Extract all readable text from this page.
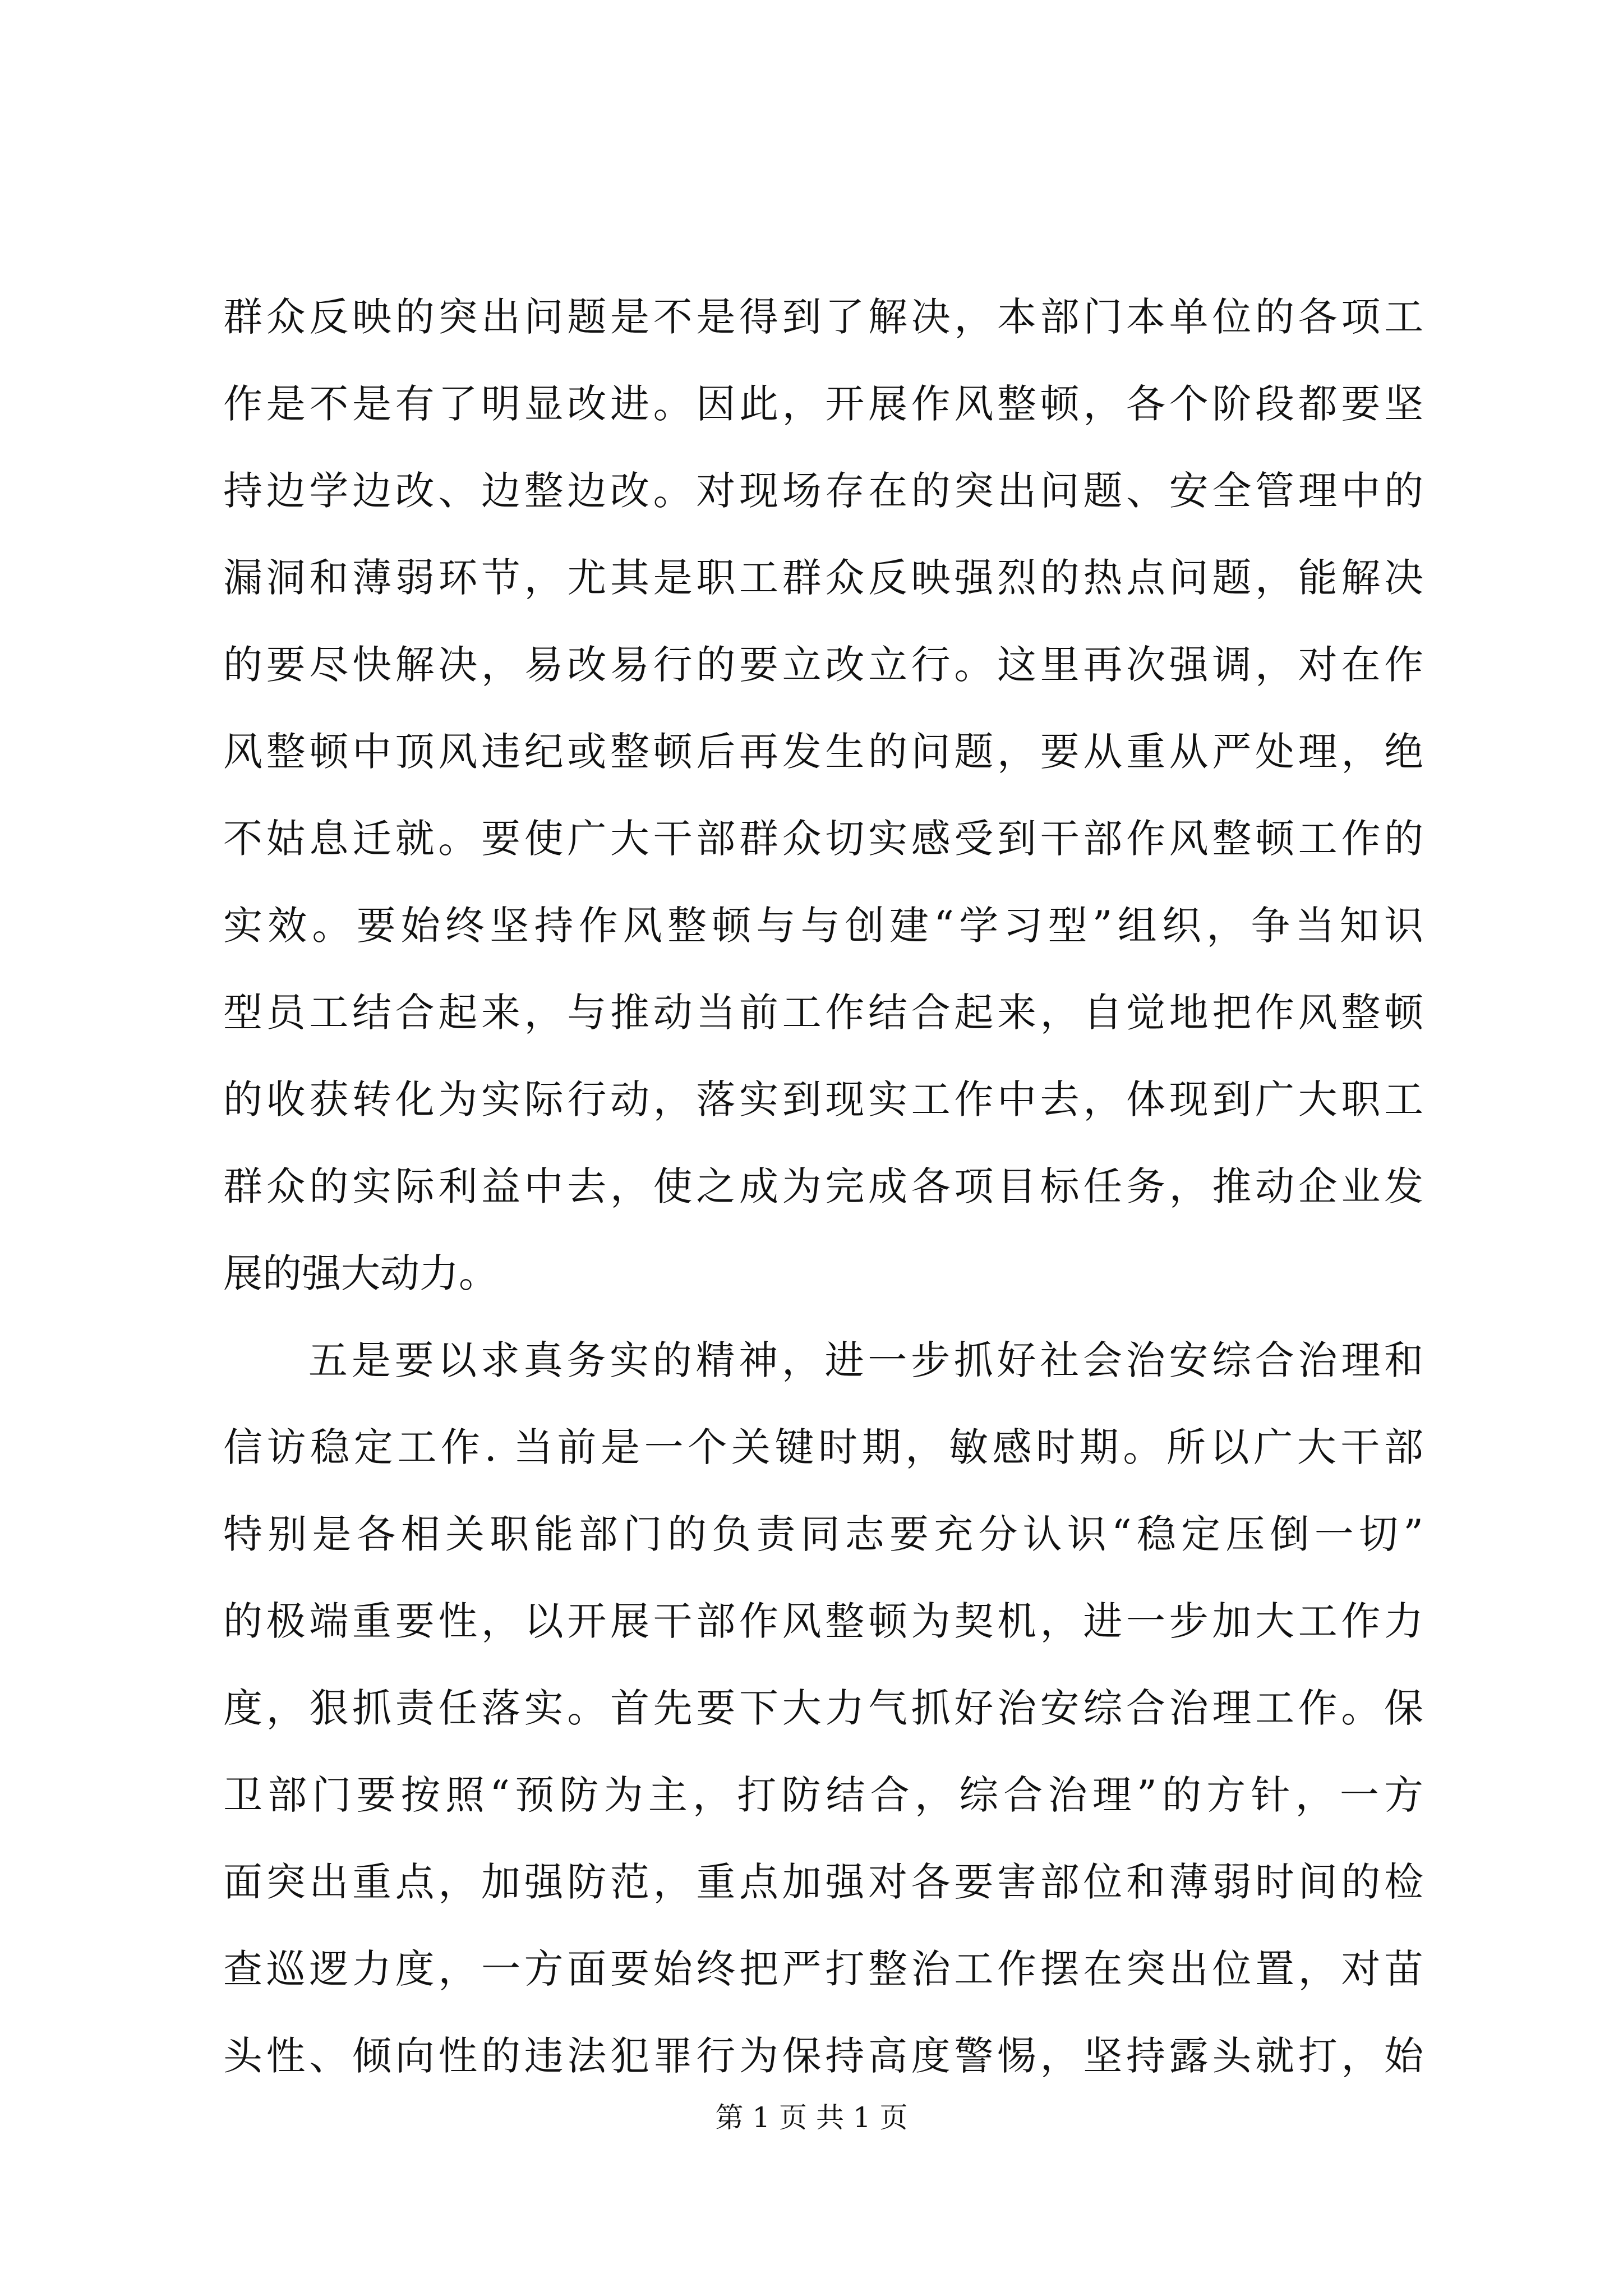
群众反映的突出问题是不是得到了解决，本部门本单位的各项工
作是不是有了明显改进。因此，开展作风整顿，各个阶段都要坚
持边学边改、边整边改。对现场存在的突出问题、安全管理中的
漏洞和薄弱环节，尤其是职工群众反映强烈的热点问题，能解决
的要尽快解决，易改易行的要立改立行。这里再次强调，对在作
风整顿中顶风违纪或整顿后再发生的问题，要从重从严处理，绝
不姑息迁就。要使广大干部群众切实感受到干部作风整顿工作的
实效。要始终坚持作风整顿与与创建“学习型”组织，争当知识
型员工结合起来，与推动当前工作结合起来，自觉地把作风整顿
的收获转化为实际行动，落实到现实工作中去，体现到广大职工
群众的实际利益中去，使之成为完成各项目标任务，推动企业发
展的强大动力。
五是要以求真务实的精神，进一步抓好社会治安综合治理和
信访稳定工作. 当前是一个关键时期，敏感时期。所以广大干部
特别是各相关职能部门的负责同志要充分认识“稳定压倒一切”
的极端重要性，以开展干部作风整顿为契机，进一步加大工作力
度，狠抓责任落实。首先要下大力气抓好治安综合治理工作。保
卫部门要按照“预防为主，打防结合，综合治理”的方针，一方
面突出重点，加强防范，重点加强对各要害部位和薄弱时间的检
查巡逻力度，一方面要始终把严打整治工作摆在突出位置，对苗
头性、倾向性的违法犯罪行为保持高度警惕，坚持露头就打，始
第 1 页 共 1 页
